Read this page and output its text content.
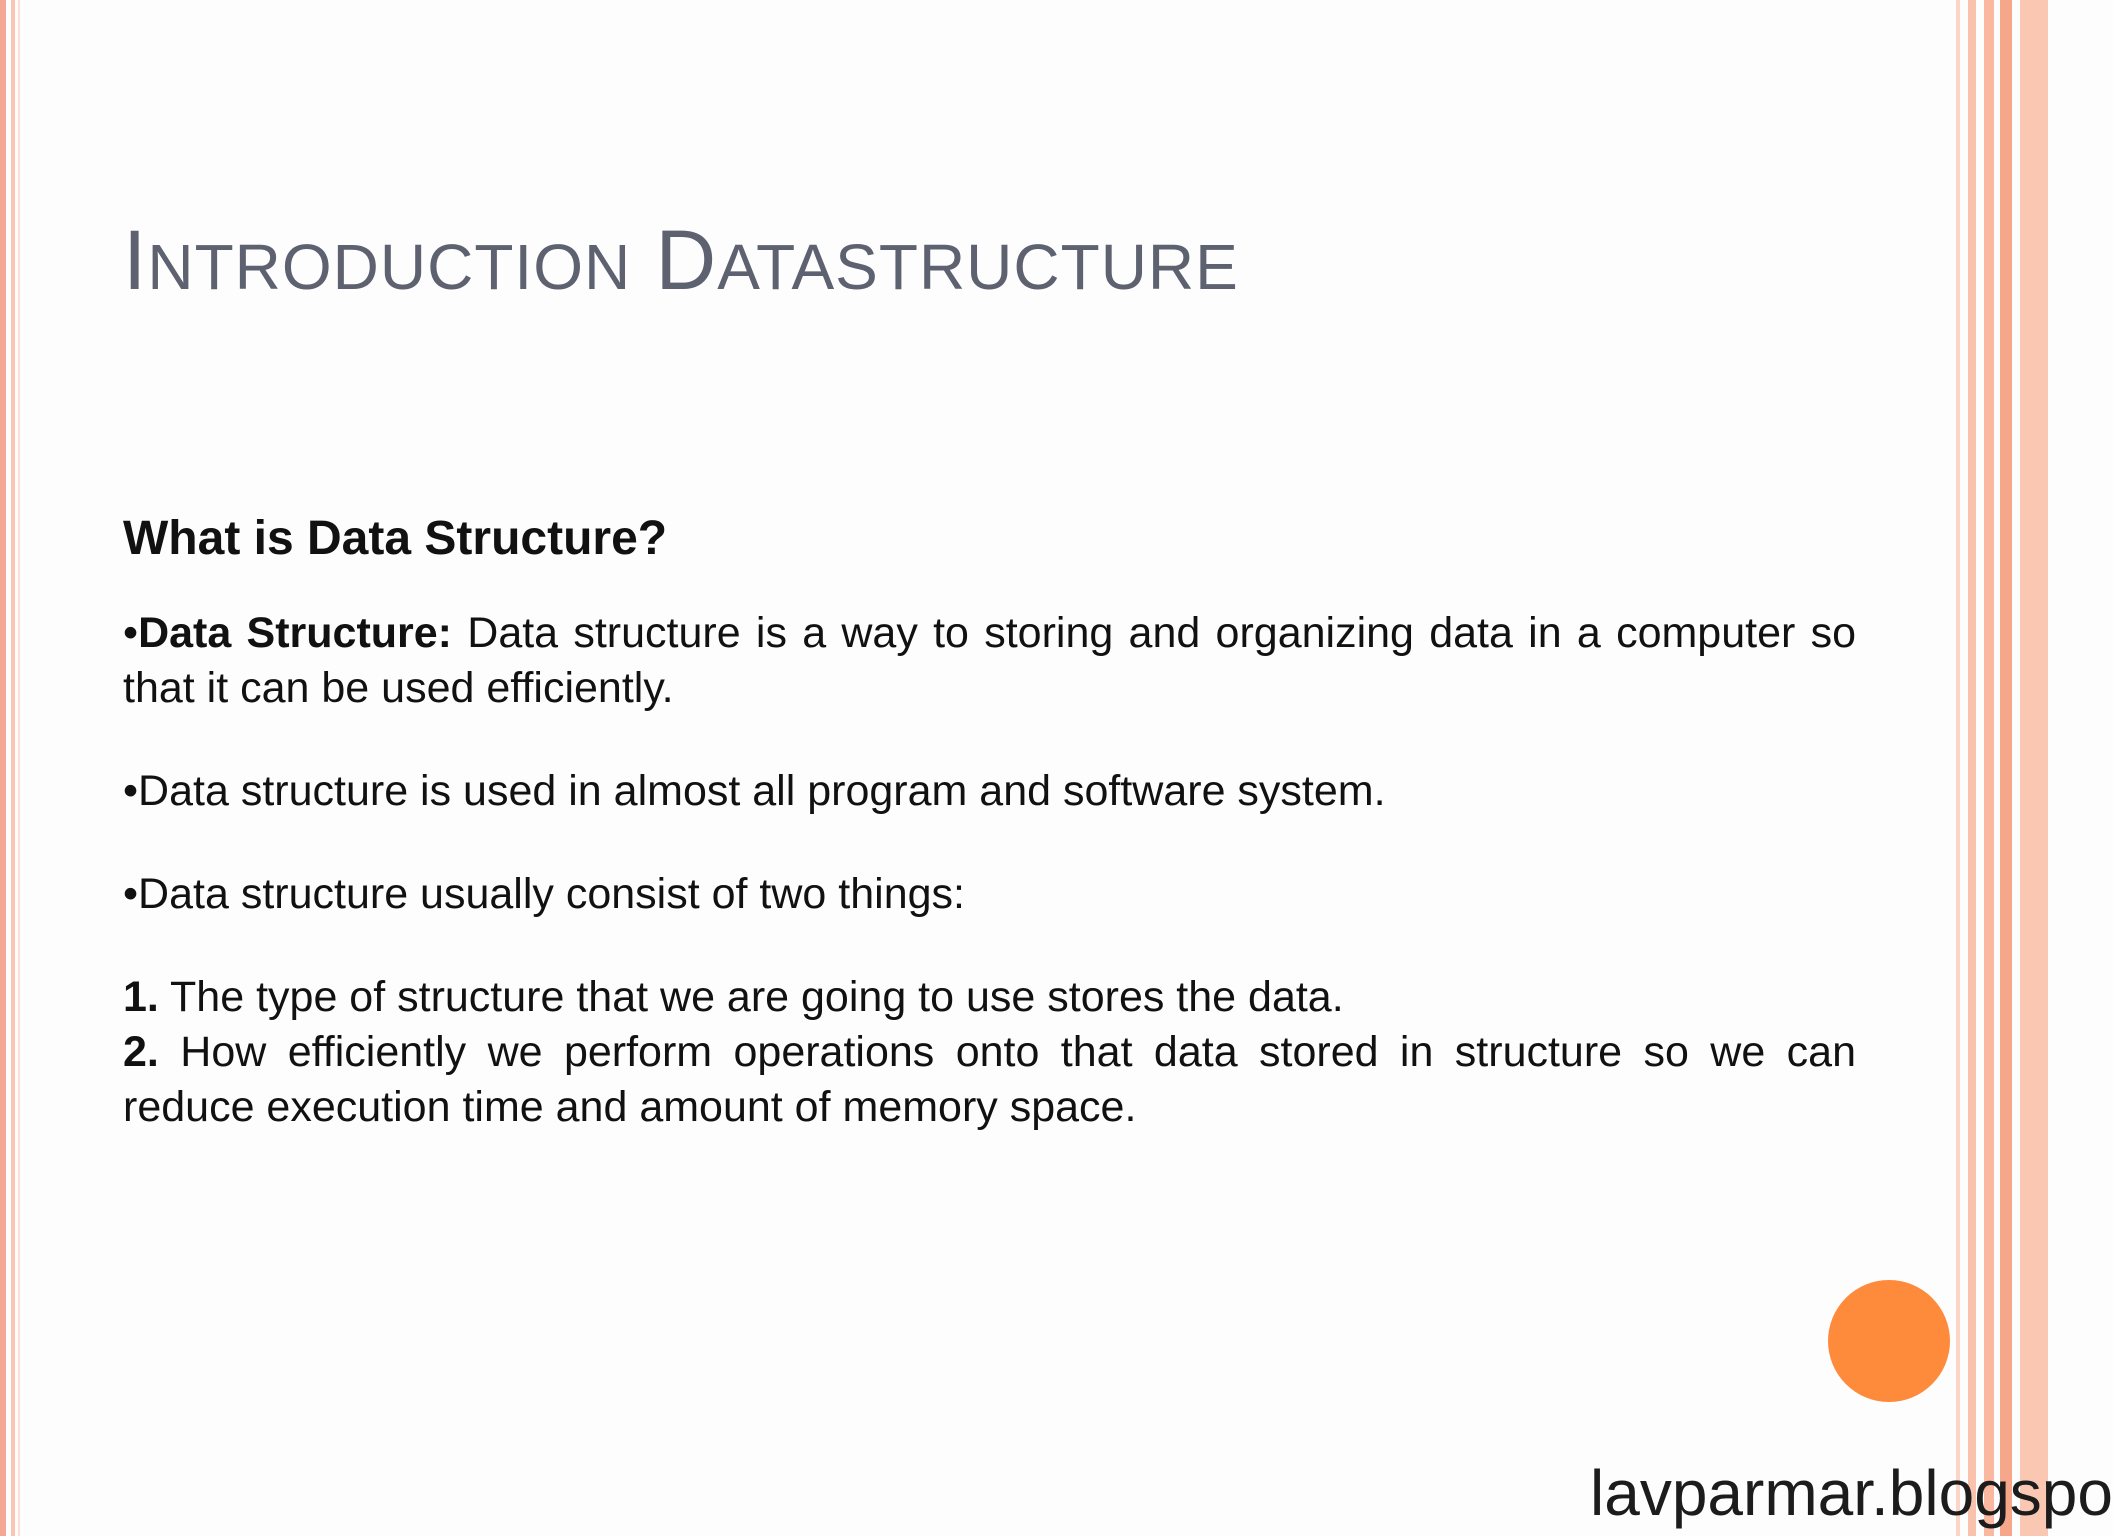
INTRODUCTION DATASTRUCTURE
What is Data Structure?
•Data Structure: Data structure is a way to storing and organizing data in a computer so that it can be used efficiently.
•Data structure is used in almost all program and software system.
•Data structure usually consist of two things:
1. The type of structure that we are going to use stores the data.
2. How efficiently we perform operations onto that data stored in structure so we can reduce execution time and amount of memory space.
lavparmar.blogspo
